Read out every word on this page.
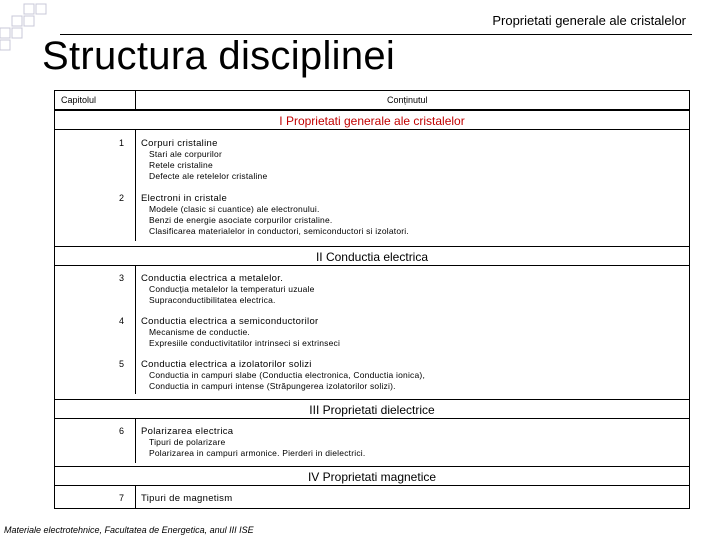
Proprietati generale ale cristalelor
Structura disciplinei
Capitolul	Conținutul
I Proprietati generale ale cristalelor
1 Corpuri cristaline
Stari ale corpurilor
Retele cristaline
Defecte ale retelelor cristaline
2 Electroni in cristale
Modele (clasic si cuantice) ale electronului.
Benzi de energie asociate corpurilor cristaline.
Clasificarea materialelor in conductori, semiconductori si izolatori.
II Conductia electrica
3 Conductia electrica a metalelor.
Conducția metalelor la temperaturi uzuale
Supraconductibilitatea electrica.
4 Conductia electrica a semiconductorilor
Mecanisme de conductie.
Expresiile conductivitatilor intrinseci si extrinseci
5 Conductia electrica a izolatorilor solizi
Conductia in campuri slabe (Conductia electronica, Conductia ionica),
Conductia in campuri intense (Străpungerea izolatorilor solizi).
III Proprietati dielectrice
6 Polarizarea electrica
Tipuri de polarizare
Polarizarea in campuri armonice. Pierderi in dielectrici.
IV Proprietati magnetice
7 Tipuri de magnetism
Materiale electrotehnice, Facultatea de Energetica, anul III ISE
